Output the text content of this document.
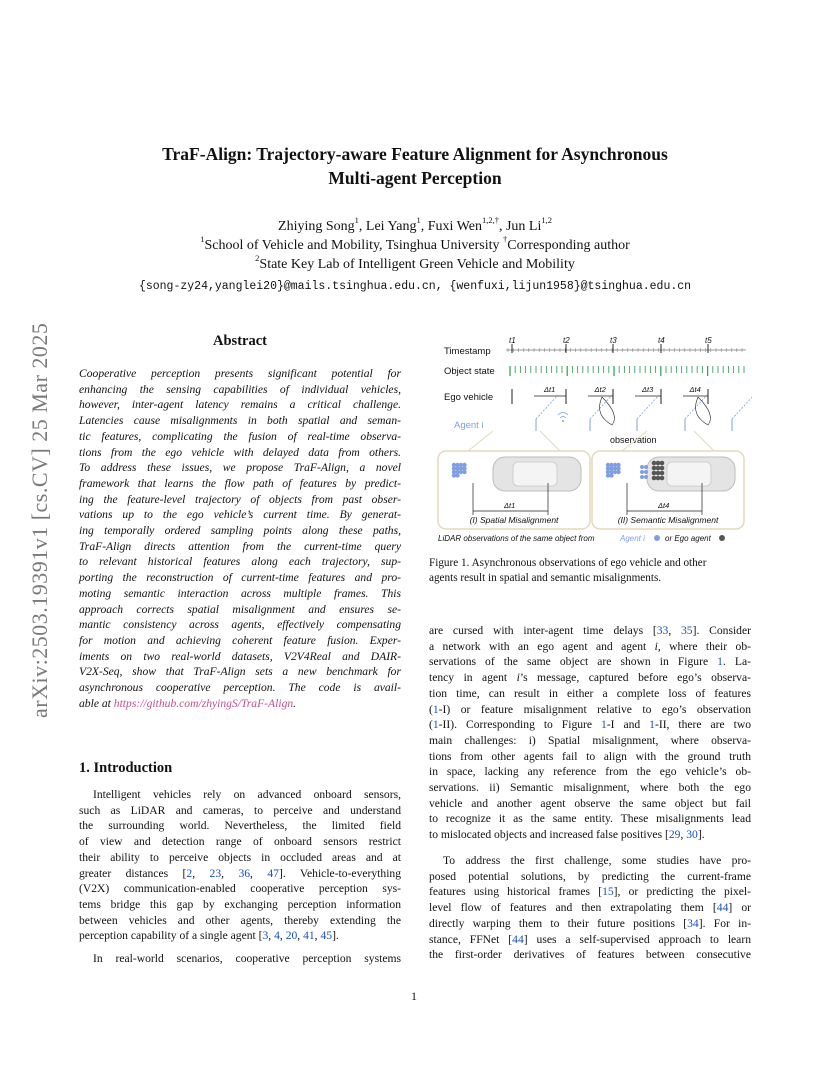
arXiv:2503.19391v1 [cs.CV] 25 Mar 2025
TraF-Align: Trajectory-aware Feature Alignment for Asynchronous
Multi-agent Perception
Zhiying Song$^1$, Lei Yang$^1$, Fuxi Wen$^{1,2,\dagger}$, Jun Li$^{1,2}$
$^1$School of Vehicle and Mobility, Tsinghua University †Corresponding author
$^2$State Key Lab of Intelligent Green Vehicle and Mobility
{song-zy24,yanglei20}@mails.tsinghua.edu.cn, {wenfuxi,lijun1958}@tsinghua.edu.cn
Abstract
Cooperative perception presents significant potential for
enhancing the sensing capabilities of individual vehicles,
however, inter-agent latency remains a critical challenge.
Latencies cause misalignments in both spatial and seman-
tic features, complicating the fusion of real-time observa-
tions from the ego vehicle with delayed data from others.
To address these issues, we propose TraF-Align, a novel
framework that learns the flow path of features by predict-
ing the feature-level trajectory of objects from past obser-
vations up to the ego vehicle’s current time. By generat-
ing temporally ordered sampling points along these paths,
TraF-Align directs attention from the current-time query
to relevant historical features along each trajectory, sup-
porting the reconstruction of current-time features and pro-
moting semantic interaction across multiple frames. This
approach corrects spatial misalignment and ensures se-
mantic consistency across agents, effectively compensating
for motion and achieving coherent feature fusion. Exper-
iments on two real-world datasets, V2V4Real and DAIR-
V2X-Seq, show that TraF-Align sets a new benchmark for
asynchronous cooperative perception. The code is avail-
able at https://github.com/zhyingS/TraF-Align.
1. Introduction
Intelligent vehicles rely on advanced onboard sensors,
such as LiDAR and cameras, to perceive and understand
the surrounding world. Nevertheless, the limited field
of view and detection range of onboard sensors restrict
their ability to perceive objects in occluded areas and at
greater distances [2, 23, 36, 47]. Vehicle-to-everything
(V2X) communication-enabled cooperative perception sys-
tems bridge this gap by exchanging perception information
between vehicles and other agents, thereby extending the
perception capability of a single agent [3, 4, 20, 41, 45].
In real-world scenarios, cooperative perception systems
Timestamp
Object state
Ego vehicle
Agent i
t1	t2	t3	t4	t5
Δt1	Δt2	Δt3	Δt4
observation
Δt1
(I) Spatial Misalignment
Δt4
(II) Semantic Misalignment
LiDAR observations of the same object from	Agent i	or Ego agent
Figure 1. Asynchronous observations of ego vehicle and other
agents result in spatial and semantic misalignments.
are cursed with inter-agent time delays [33, 35]. Consider
a network with an ego agent and agent i, where their ob-
servations of the same object are shown in Figure 1. La-
tency in agent i’s message, captured before ego’s observa-
tion time, can result in either a complete loss of features
(1-I) or feature misalignment relative to ego’s observation
(1-II). Corresponding to Figure 1-I and 1-II, there are two
main challenges: i) Spatial misalignment, where observa-
tions from other agents fail to align with the ground truth
in space, lacking any reference from the ego vehicle’s ob-
servations. ii) Semantic misalignment, where both the ego
vehicle and another agent observe the same object but fail
to recognize it as the same entity. These misalignments lead
to mislocated objects and increased false positives [29, 30].
To address the first challenge, some studies have pro-
posed potential solutions, by predicting the current-frame
features using historical frames [15], or predicting the pixel-
level flow of features and then extrapolating them [44] or
directly warping them to their future positions [34]. For in-
stance, FFNet [44] uses a self-supervised approach to learn
the first-order derivatives of features between consecutive
1
